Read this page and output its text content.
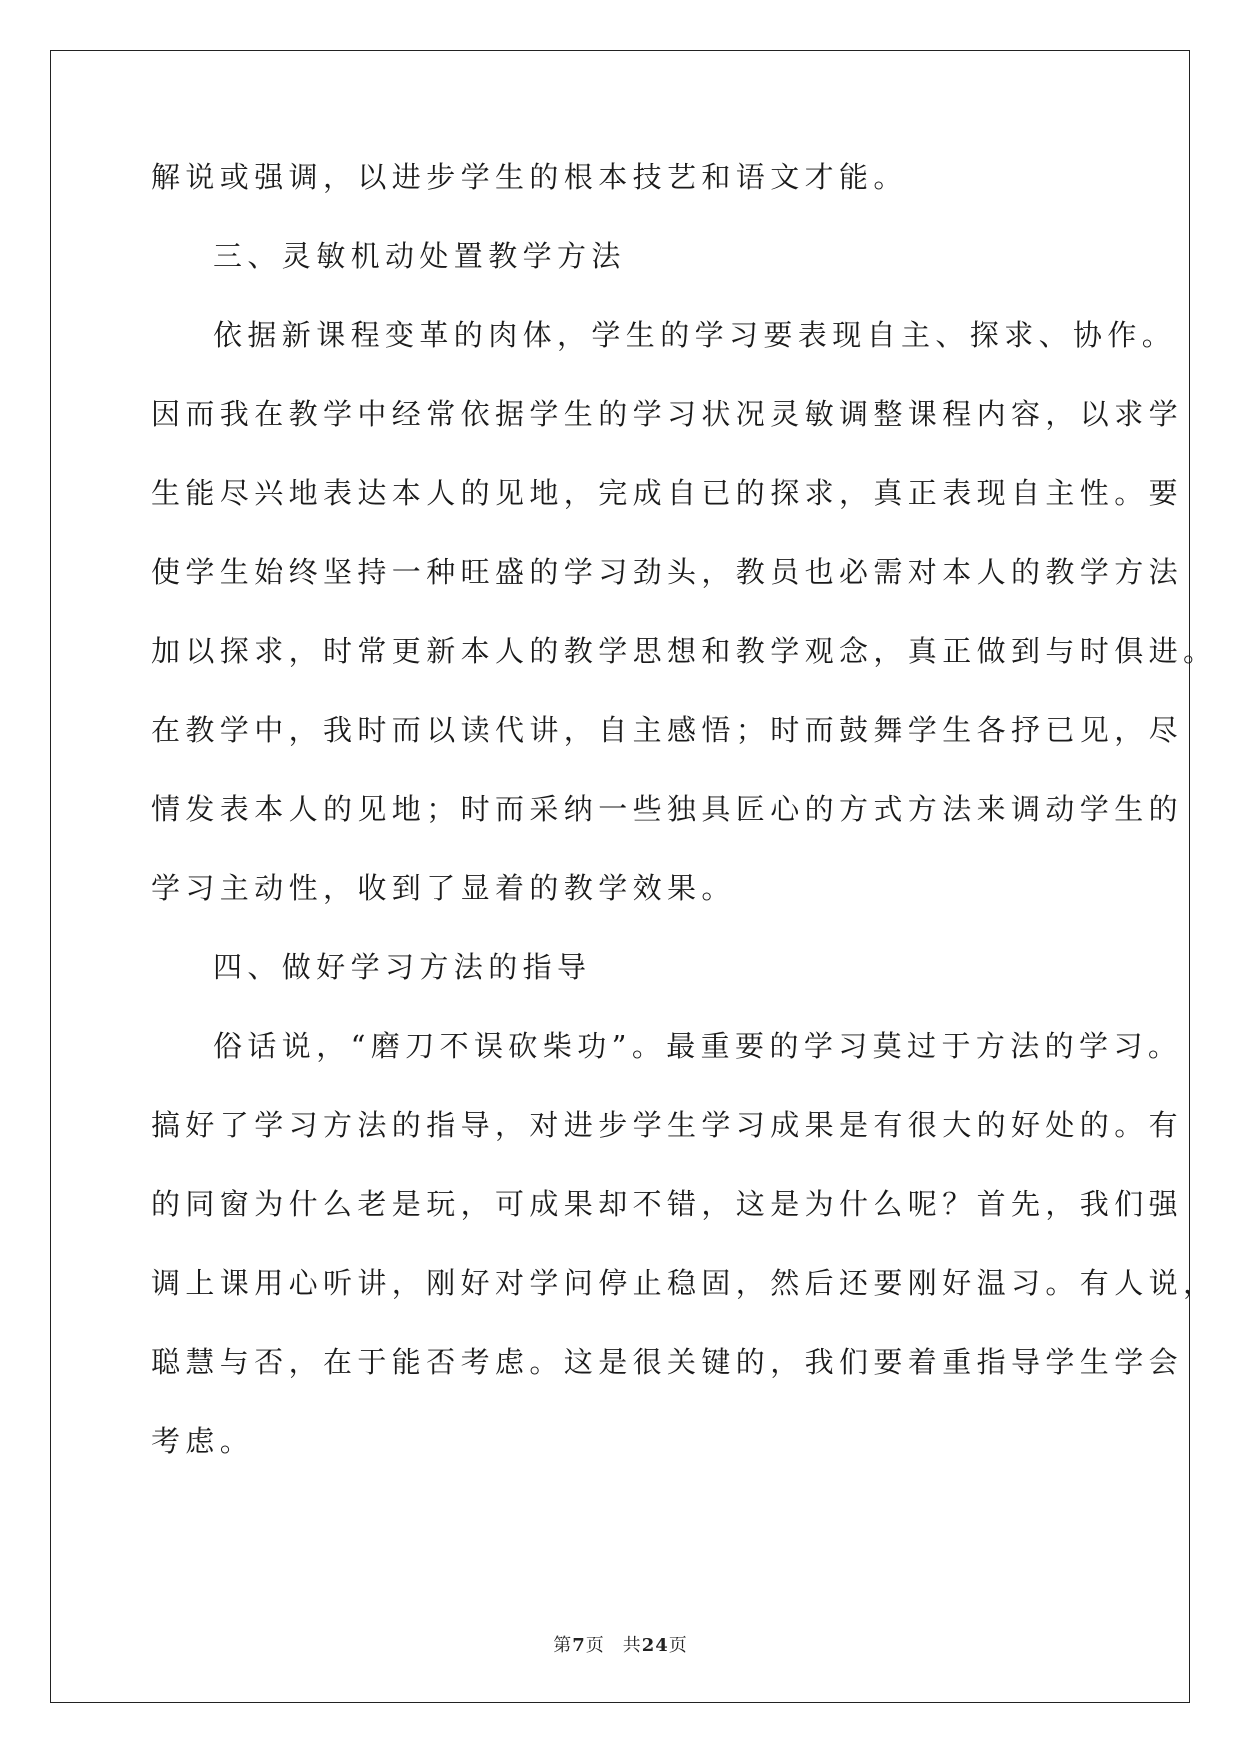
解说或强调，以进步学生的根本技艺和语文才能。
三、灵敏机动处置教学方法
依据新课程变革的肉体，学生的学习要表现自主、探求、协作。
因而我在教学中经常依据学生的学习状况灵敏调整课程内容，以求学
生能尽兴地表达本人的见地，完成自已的探求，真正表现自主性。要
使学生始终坚持一种旺盛的学习劲头，教员也必需对本人的教学方法
加以探求，时常更新本人的教学思想和教学观念，真正做到与时俱进。
在教学中，我时而以读代讲，自主感悟；时而鼓舞学生各抒已见，尽
情发表本人的见地；时而采纳一些独具匠心的方式方法来调动学生的
学习主动性，收到了显着的教学效果。
四、做好学习方法的指导
俗话说，“磨刀不误砍柴功”。最重要的学习莫过于方法的学习。
搞好了学习方法的指导，对进步学生学习成果是有很大的好处的。有
的同窗为什么老是玩，可成果却不错，这是为什么呢？首先，我们强
调上课用心听讲，刚好对学问停止稳固，然后还要刚好温习。有人说，
聪慧与否，在于能否考虑。这是很关键的，我们要着重指导学生学会
考虑。
第7页 共24页
